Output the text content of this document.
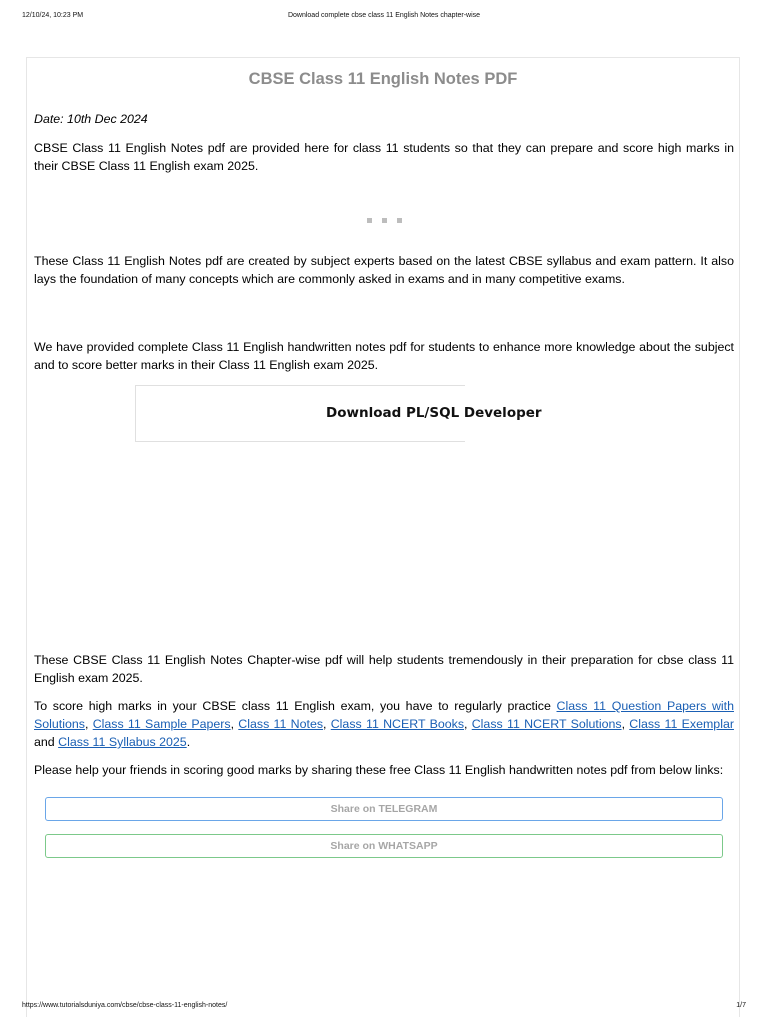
12/10/24, 10:23 PM	Download complete cbse class 11 English Notes chapter-wise
CBSE Class 11 English Notes PDF
Date: 10th Dec 2024
CBSE Class 11 English Notes pdf are provided here for class 11 students so that they can prepare and score high marks in their CBSE Class 11 English exam 2025.
These Class 11 English Notes pdf are created by subject experts based on the latest CBSE syllabus and exam pattern. It also lays the foundation of many concepts which are commonly asked in exams and in many competitive exams.
We have provided complete Class 11 English handwritten notes pdf for students to enhance more knowledge about the subject and to score better marks in their Class 11 English exam 2025.
Download PL/SQL Developer
These CBSE Class 11 English Notes Chapter-wise pdf will help students tremendously in their preparation for cbse class 11 English exam 2025.
To score high marks in your CBSE class 11 English exam, you have to regularly practice Class 11 Question Papers with Solutions, Class 11 Sample Papers, Class 11 Notes, Class 11 NCERT Books, Class 11 NCERT Solutions, Class 11 Exemplar and Class 11 Syllabus 2025.
Please help your friends in scoring good marks by sharing these free Class 11 English handwritten notes pdf from below links:
Share on TELEGRAM
Share on WHATSAPP
https://www.tutorialsduniya.com/cbse/cbse-class-11-english-notes/	1/7
